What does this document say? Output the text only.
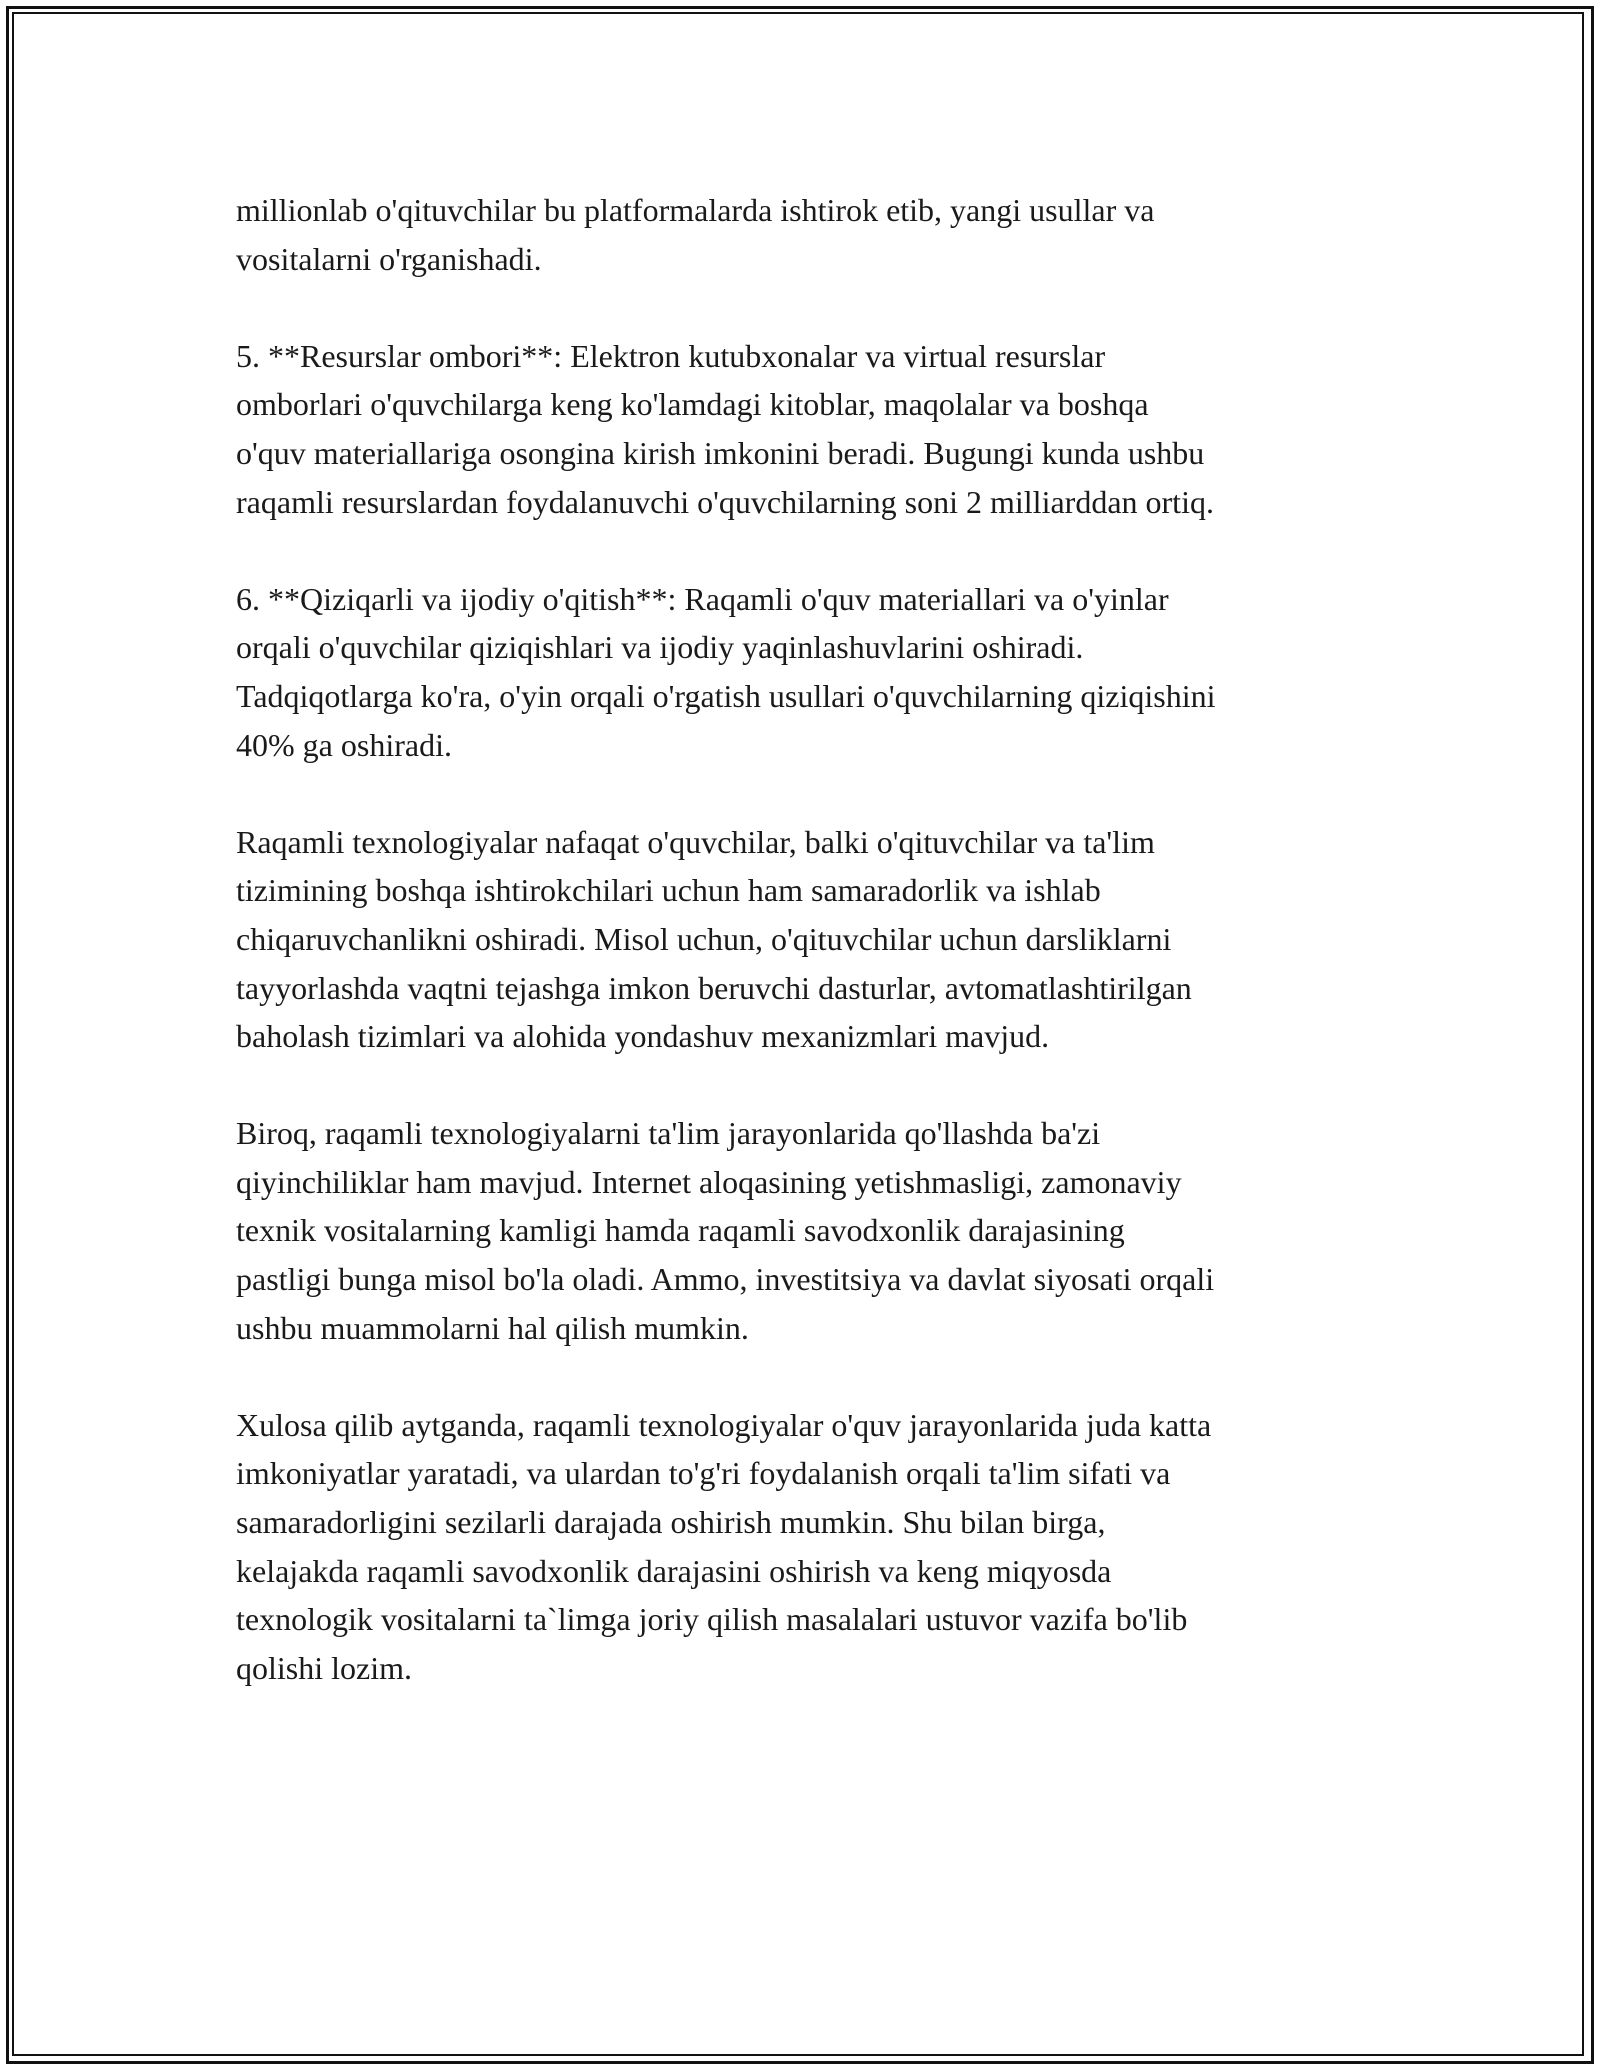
millionlab o'qituvchilar bu platformalarda ishtirok etib, yangi usullar va
vositalarni o'rganishadi.

5. **Resurslar ombori**: Elektron kutubxonalar va virtual resurslar
omborlari o'quvchilarga keng ko'lamdagi kitoblar, maqolalar va boshqa
o'quv materiallariga osongina kirish imkonini beradi. Bugungi kunda ushbu
raqamli resurslardan foydalanuvchi o'quvchilarning soni 2 milliarddan ortiq.

6. **Qiziqarli va ijodiy o'qitish**: Raqamli o'quv materiallari va o'yinlar
orqali o'quvchilar qiziqishlari va ijodiy yaqinlashuvlarini oshiradi.
Tadqiqotlarga ko'ra, o'yin orqali o'rgatish usullari o'quvchilarning qiziqishini
40% ga oshiradi.

Raqamli texnologiyalar nafaqat o'quvchilar, balki o'qituvchilar va ta'lim
tizimining boshqa ishtirokchilari uchun ham samaradorlik va ishlab
chiqaruvchanlikni oshiradi. Misol uchun, o'qituvchilar uchun darsliklarni
tayyorlashda vaqtni tejashga imkon beruvchi dasturlar, avtomatlashtirilgan
baholash tizimlari va alohida yondashuv mexanizmlari mavjud.

Biroq, raqamli texnologiyalarni ta'lim jarayonlarida qo'llashda ba'zi
qiyinchiliklar ham mavjud. Internet aloqasining yetishmasligi, zamonaviy
texnik vositalarning kamligi hamda raqamli savodxonlik darajasining
pastligi bunga misol bo'la oladi. Ammo, investitsiya va davlat siyosati orqali
ushbu muammolarni hal qilish mumkin.

Xulosa qilib aytganda, raqamli texnologiyalar o'quv jarayonlarida juda katta
imkoniyatlar yaratadi, va ulardan to'g'ri foydalanish orqali ta'lim sifati va
samaradorligini sezilarli darajada oshirish mumkin. Shu bilan birga,
kelajakda raqamli savodxonlik darajasini oshirish va keng miqyosda
texnologik vositalarni ta`limga joriy qilish masalalari ustuvor vazifa bo'lib
qolishi lozim.
